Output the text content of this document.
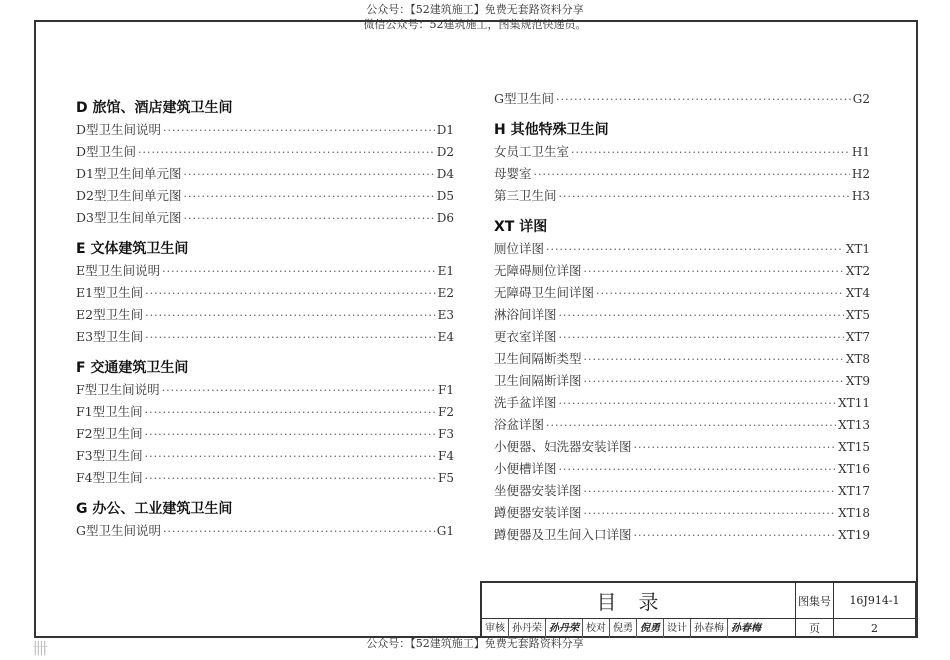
公众号：【52建筑施工】免费无套路资料分享
微信公众号：52建筑施工，图集规范快递员。
D 旅馆、酒店建筑卫生间
D型卫生间说明 ·····	D1
D型卫生间 ·····	D2
D1型卫生间单元图 ·····	D4
D2型卫生间单元图 ·····	D5
D3型卫生间单元图 ·····	D6
E 文体建筑卫生间
E型卫生间说明 ·····	E1
E1型卫生间 ·····	E2
E2型卫生间 ·····	E3
E3型卫生间 ·····	E4
F 交通建筑卫生间
F型卫生间说明 ·····	F1
F1型卫生间 ·····	F2
F2型卫生间 ·····	F3
F3型卫生间 ·····	F4
F4型卫生间 ·····	F5
G 办公、工业建筑卫生间
G型卫生间说明 ·····	G1
G型卫生间 ·····	G2
H 其他特殊卫生间
女员工卫生室 ·····	H1
母婴室 ·····	H2
第三卫生间 ·····	H3
XT 详图
厕位详图 ·····	XT1
无障碍厕位详图 ·····	XT2
无障碍卫生间详图 ·····	XT4
淋浴间详图 ·····	XT5
更衣室详图 ·····	XT7
卫生间隔断类型 ·····	XT8
卫生间隔断详图 ·····	XT9
洗手盆详图 ·····	XT11
浴盆详图 ·····	XT13
小便器、妇洗器安装详图 ·····	XT15
小便槽详图 ·····	XT16
坐便器安装详图 ·····	XT17
蹲便器安装详图 ·····	XT18
蹲便器及卫生间入口详图 ·····	XT19
目录	图集号	16J914-1
审核 孙丹荣 孙丹荣 校对 倪勇 倪勇 设计 孙春梅 孙春梅	页	2
公众号：【52建筑施工】免费无套路资料分享
卌
